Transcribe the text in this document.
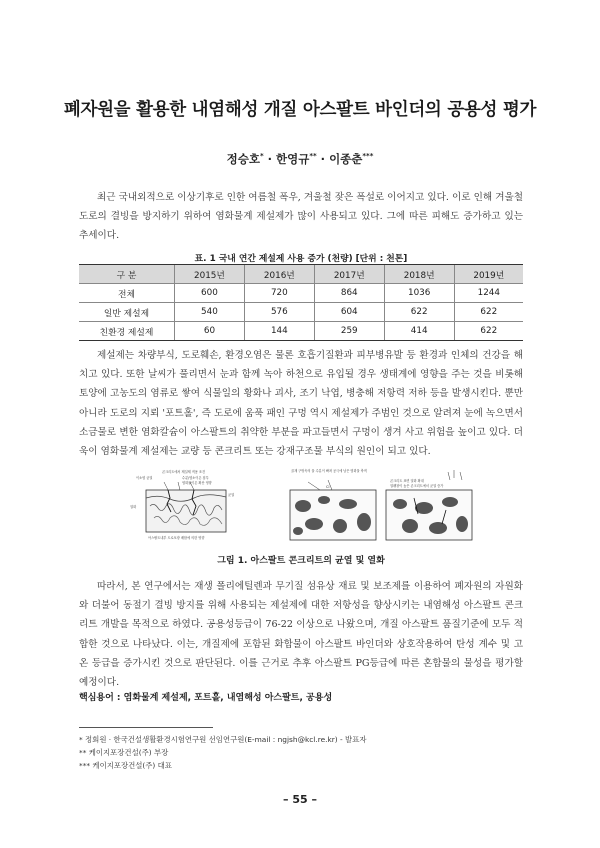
폐자원을 활용한 내염해성 개질 아스팔트 바인더의 공용성 평가
정승호* · 한영규** · 이종춘***

최근 국내외적으로 이상기후로 인한 여름철 폭우, 겨울철 잦은 폭설로 이어지고 있다. 이로 인해 겨울철 도로의 결빙을 방지하기 위하여 염화물계 제설제가 많이 사용되고 있다. 그에 따른 피해도 증가하고 있는 추세이다.

표. 1 국내 연간 제설제 사용 증가 (천량) [단위 : 천톤]
구 분	2015년	2016년	2017년	2018년	2019년
전체	600	720	864	1036	1244
일반 제설제	540	576	604	622	622
친환경 제설제	60	144	259	414	622

제설제는 차량부식, 도로훼손, 환경오염은 물론 호흡기질환과 피부병유발 등 환경과 인체의 건강을 해치고 있다. 또한 날씨가 풀리면서 눈과 함께 녹아 하천으로 유입될 경우 생태계에 영향을 주는 것을 비롯해 토양에 고농도의 염류로 쌓여 식물일의 황화나 괴사, 조기 낙엽, 병충해 저항력 저하 등을 발생시킨다. 뿐만 아니라 도로의 지뢰 '포트홀', 즉 도로에 움푹 패인 구멍 역시 제설제가 주범인 것으로 알려져 눈에 녹으면서 소금물로 변한 염화칼슘이 아스팔트의 취약한 부분을 파고들면서 구멍이 생겨 사고 위험을 높이고 있다. 더욱이 염화물계 제설제는 교량 등 콘크리트 또는 강재구조물 부식의 원인이 되고 있다.

콘크리트에서 제설제 적용 조건
이소염 균열	수분/염소이온 침투
염화물이온 확산 영향
균열
열화
아스팔트내부 도로포장 배합에 의한 영향
골재 구멍속의 물 수분이 빠져 공극에 남은 염화물 축적
Cl
콘크리트 표면 열화 확대
열팽창이 높은 콘크리트에서 균열 증가
그림 1. 아스팔트 콘크리트의 균열 및 열화

따라서, 본 연구에서는 재생 폴리에틸렌과 무기질 섬유상 재료 및 보조제를 이용하여 폐자원의 자원화와 더불어 동절기 결빙 방지를 위해 사용되는 제설제에 대한 저항성을 향상시키는 내염해성 아스팔트 콘크리트 개발을 목적으로 하였다. 공용성등급이 76-22 이상으로 나왔으며, 개질 아스팔트 품질기준에 모두 적합한 것으로 나타났다. 이는, 개질제에 포함된 화합물이 아스팔트 바인더와 상호작용하여 탄성 계수 및 고온 등급을 증가시킨 것으로 판단된다. 이를 근거로 추후 아스팔트 PG등급에 따른 혼합물의 물성을 평가할 예정이다.

핵심용어 : 염화물계 제설제, 포트홀, 내염해성 아스팔트, 공용성
* 정회원 · 한국건설생활환경시험연구원 선임연구원(E-mail : ngjsh@kcl.re.kr) - 발표자
** 케이지포장건설(주) 부장
*** 케이지포장건설(주) 대표
– 55 –
